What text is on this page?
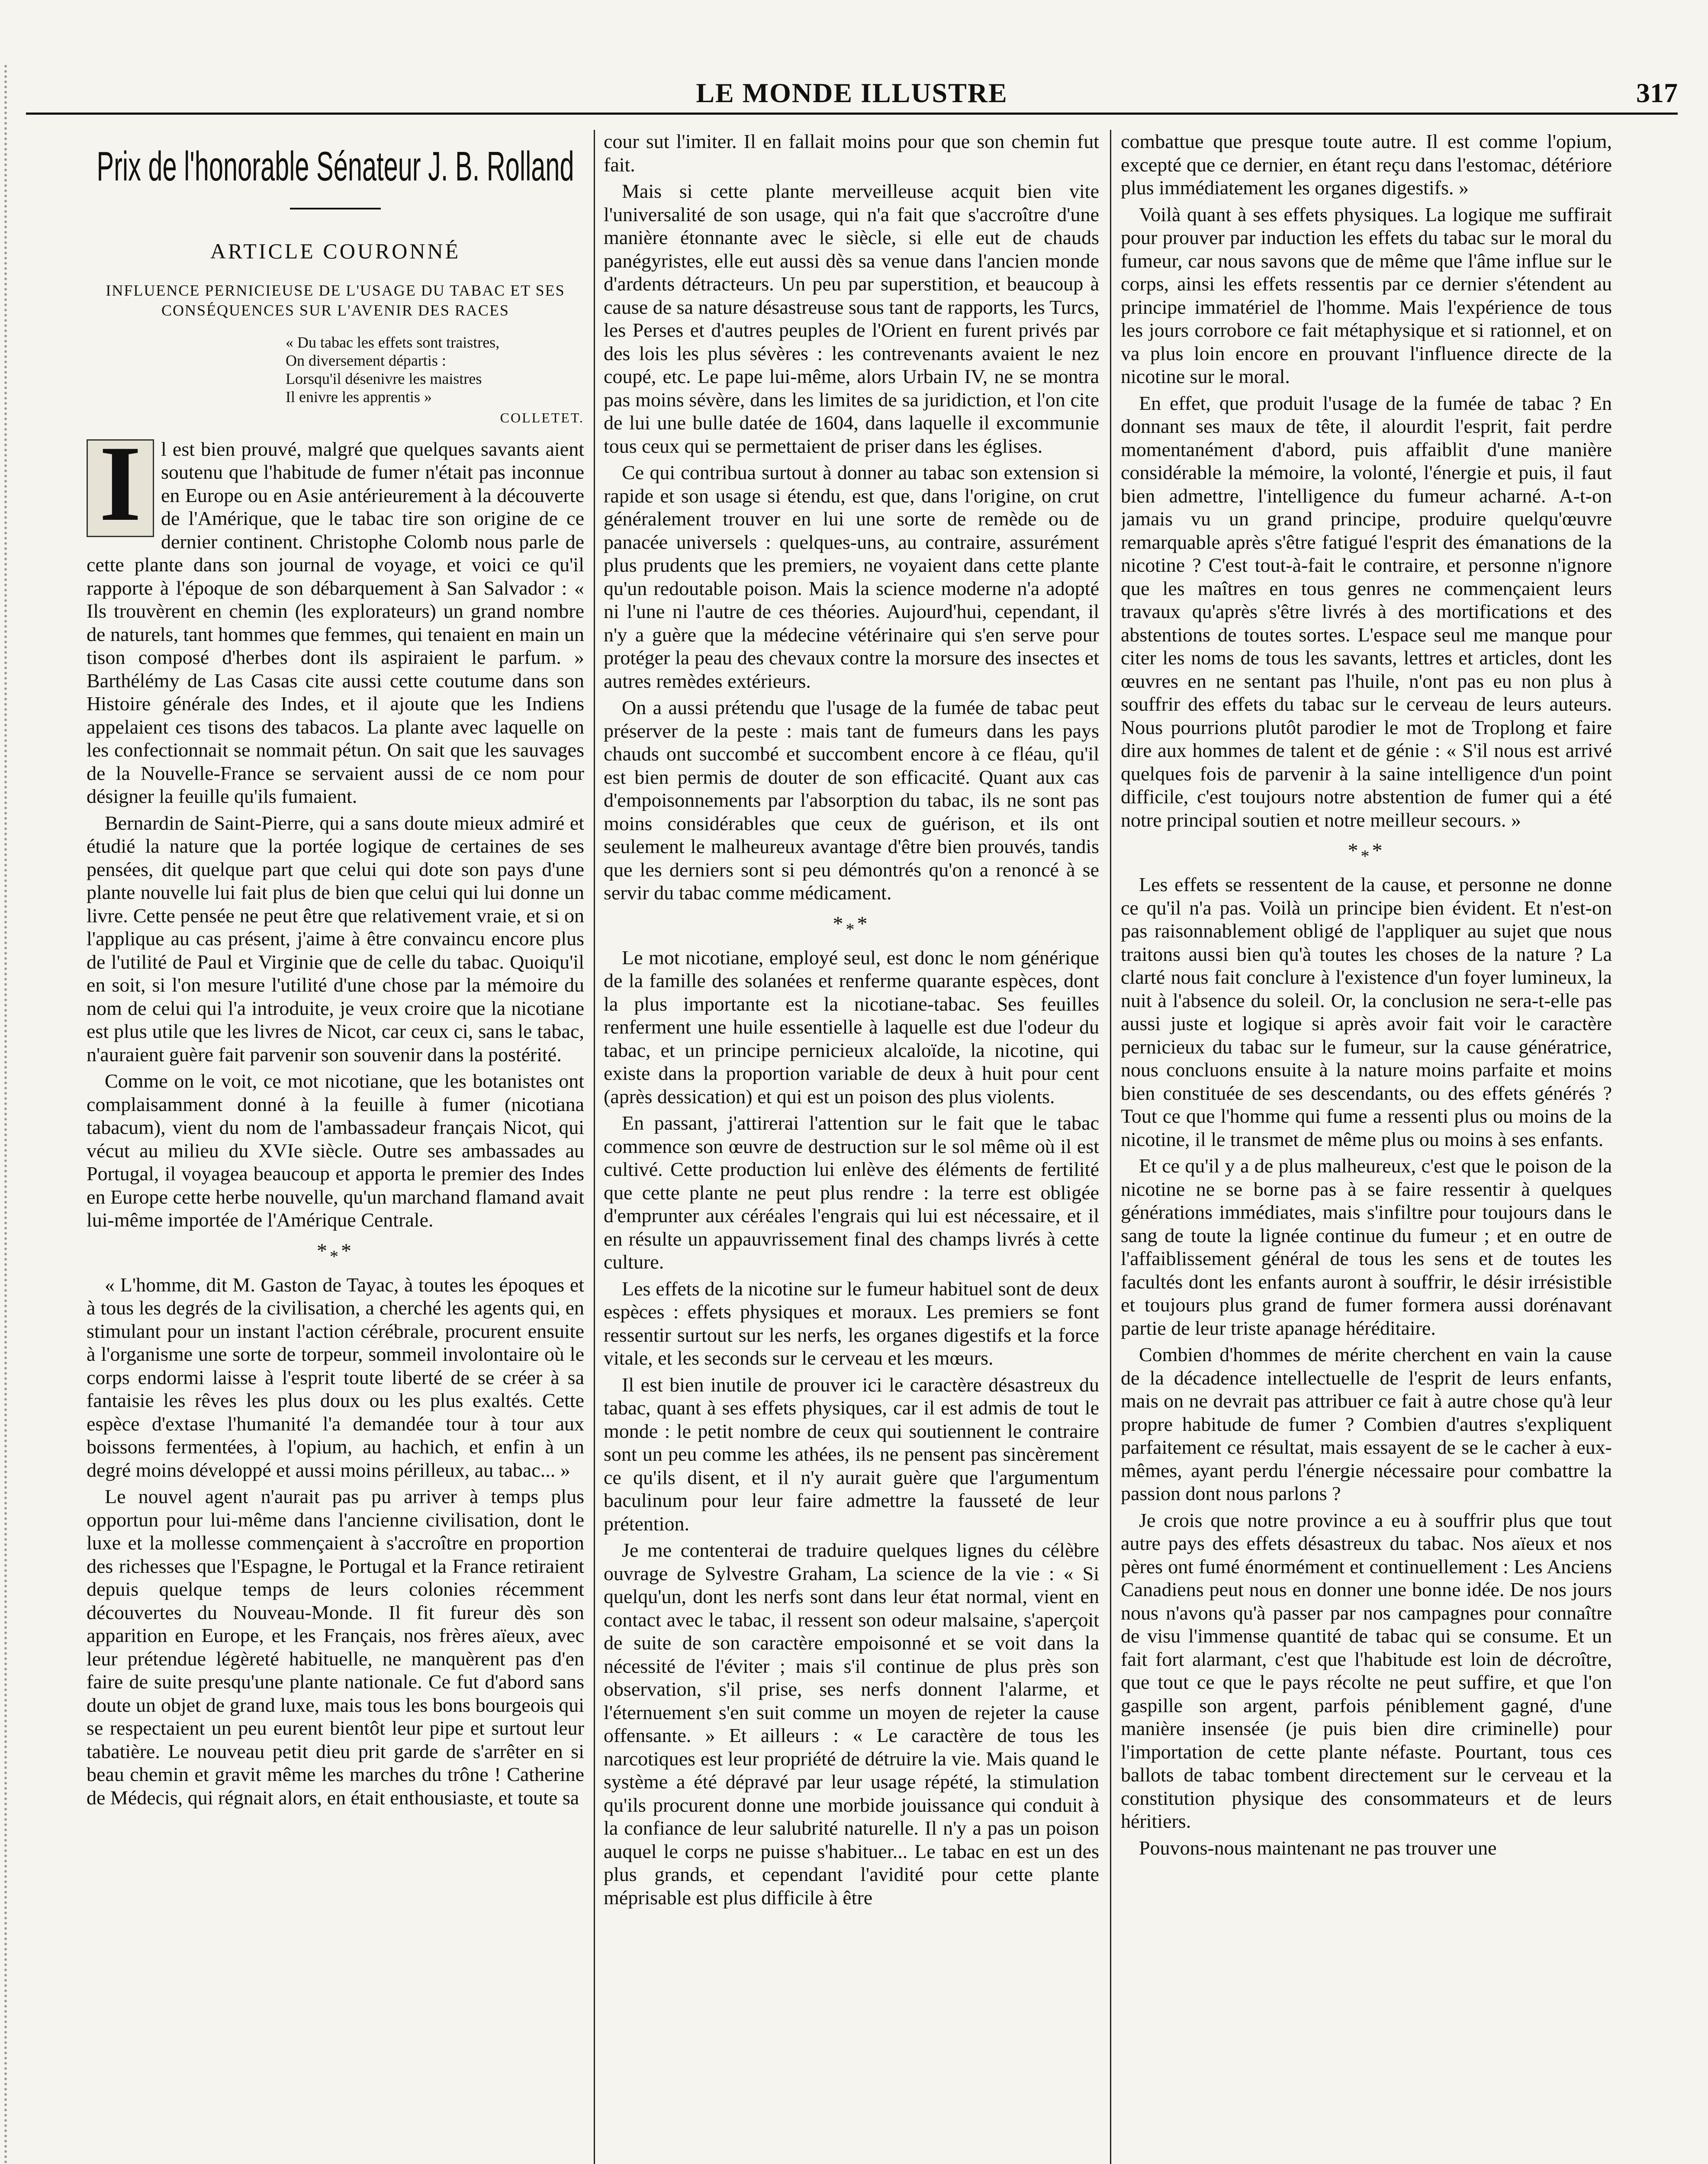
LE MONDE ILLUSTRE	317
Prix de l'honorable Sénateur J. B. Rolland
ARTICLE COURONNÉ
INFLUENCE PERNICIEUSE DE L'USAGE DU TABAC ET SES CONSÉQUENCES SUR L'AVENIR DES RACES
« Du tabac les effets sont traistres,
On diversement départis :
Lorsqu'il désenivre les maistres
Il enivre les apprentis »
COLLETET.

I l est bien prouvé, malgré que quelques savants aient soutenu que l'habitude de fumer n'était pas inconnue en Europe ou en Asie antérieurement à la découverte de l'Amérique, que le tabac tire son origine de ce dernier continent. Christophe Colomb nous parle de cette plante dans son journal de voyage, et voici ce qu'il rapporte à l'époque de son débarquement à San Salvador : « Ils trouvèrent en chemin (les explorateurs) un grand nombre de naturels, tant hommes que femmes, qui tenaient en main un tison composé d'herbes dont ils aspiraient le parfum. » Barthélémy de Las Casas cite aussi cette coutume dans son Histoire générale des Indes, et il ajoute que les Indiens appelaient ces tisons des tabacos. La plante avec laquelle on les confectionnait se nommait pétun. On sait que les sauvages de la Nouvelle-France se servaient aussi de ce nom pour désigner la feuille qu'ils fumaient.

Bernardin de Saint-Pierre, qui a sans doute mieux admiré et étudié la nature que la portée logique de certaines de ses pensées, dit quelque part que celui qui dote son pays d'une plante nouvelle lui fait plus de bien que celui qui lui donne un livre. Cette pensée ne peut être que relativement vraie, et si on l'applique au cas présent, j'aime à être convaincu encore plus de l'utilité de Paul et Virginie que de celle du tabac. Quoiqu'il en soit, si l'on mesure l'utilité d'une chose par la mémoire du nom de celui qui l'a introduite, je veux croire que la nicotiane est plus utile que les livres de Nicot, car ceux ci, sans le tabac, n'auraient guère fait parvenir son souvenir dans la postérité.

Comme on le voit, ce mot nicotiane, que les botanistes ont complaisamment donné à la feuille à fumer (nicotiana tabacum), vient du nom de l'ambassadeur français Nicot, qui vécut au milieu du XVIe siècle. Outre ses ambassades au Portugal, il voyagea beaucoup et apporta le premier des Indes en Europe cette herbe nouvelle, qu'un marchand flamand avait lui-même importée de l'Amérique Centrale.

$*_**$

« L'homme, dit M. Gaston de Tayac, à toutes les époques et à tous les degrés de la civilisation, a cherché les agents qui, en stimulant pour un instant l'action cérébrale, procurent ensuite à l'organisme une sorte de torpeur, sommeil involontaire où le corps endormi laisse à l'esprit toute liberté de se créer à sa fantaisie les rêves les plus doux ou les plus exaltés. Cette espèce d'extase l'humanité l'a demandée tour à tour aux boissons fermentées, à l'opium, au hachich, et enfin à un degré moins développé et aussi moins périlleux, au tabac... »

Le nouvel agent n'aurait pas pu arriver à temps plus opportun pour lui-même dans l'ancienne civilisation, dont le luxe et la mollesse commençaient à s'accroître en proportion des richesses que l'Espagne, le Portugal et la France retiraient depuis quelque temps de leurs colonies récemment découvertes du Nouveau-Monde. Il fit fureur dès son apparition en Europe, et les Français, nos frères aïeux, avec leur prétendue légèreté habituelle, ne manquèrent pas d'en faire de suite presqu'une plante nationale. Ce fut d'abord sans doute un objet de grand luxe, mais tous les bons bourgeois qui se respectaient un peu eurent bientôt leur pipe et surtout leur tabatière. Le nouveau petit dieu prit garde de s'arrêter en si beau chemin et gravit même les marches du trône ! Catherine de Médecis, qui régnait alors, en était enthousiaste, et toute sa

cour sut l'imiter. Il en fallait moins pour que son chemin fut fait.

Mais si cette plante merveilleuse acquit bien vite l'universalité de son usage, qui n'a fait que s'accroître d'une manière étonnante avec le siècle, si elle eut de chauds panégyristes, elle eut aussi dès sa venue dans l'ancien monde d'ardents détracteurs. Un peu par superstition, et beaucoup à cause de sa nature désastreuse sous tant de rapports, les Turcs, les Perses et d'autres peuples de l'Orient en furent privés par des lois les plus sévères : les contrevenants avaient le nez coupé, etc. Le pape lui-même, alors Urbain IV, ne se montra pas moins sévère, dans les limites de sa juridiction, et l'on cite de lui une bulle datée de 1604, dans laquelle il excommunie tous ceux qui se permettaient de priser dans les églises.

Ce qui contribua surtout à donner au tabac son extension si rapide et son usage si étendu, est que, dans l'origine, on crut généralement trouver en lui une sorte de remède ou de panacée universels : quelques-uns, au contraire, assurément plus prudents que les premiers, ne voyaient dans cette plante qu'un redoutable poison. Mais la science moderne n'a adopté ni l'une ni l'autre de ces théories. Aujourd'hui, cependant, il n'y a guère que la médecine vétérinaire qui s'en serve pour protéger la peau des chevaux contre la morsure des insectes et autres remèdes extérieurs.

On a aussi prétendu que l'usage de la fumée de tabac peut préserver de la peste : mais tant de fumeurs dans les pays chauds ont succombé et succombent encore à ce fléau, qu'il est bien permis de douter de son efficacité. Quant aux cas d'empoisonnements par l'absorption du tabac, ils ne sont pas moins considérables que ceux de guérison, et ils ont seulement le malheureux avantage d'être bien prouvés, tandis que les derniers sont si peu démontrés qu'on a renoncé à se servir du tabac comme médicament.

$*_**$

Le mot nicotiane, employé seul, est donc le nom générique de la famille des solanées et renferme quarante espèces, dont la plus importante est la nicotiane-tabac. Ses feuilles renferment une huile essentielle à laquelle est due l'odeur du tabac, et un principe pernicieux alcaloïde, la nicotine, qui existe dans la proportion variable de deux à huit pour cent (après dessication) et qui est un poison des plus violents.

En passant, j'attirerai l'attention sur le fait que le tabac commence son œuvre de destruction sur le sol même où il est cultivé. Cette production lui enlève des éléments de fertilité que cette plante ne peut plus rendre : la terre est obligée d'emprunter aux céréales l'engrais qui lui est nécessaire, et il en résulte un appauvrissement final des champs livrés à cette culture.

Les effets de la nicotine sur le fumeur habituel sont de deux espèces : effets physiques et moraux. Les premiers se font ressentir surtout sur les nerfs, les organes digestifs et la force vitale, et les seconds sur le cerveau et les mœurs.

Il est bien inutile de prouver ici le caractère désastreux du tabac, quant à ses effets physiques, car il est admis de tout le monde : le petit nombre de ceux qui soutiennent le contraire sont un peu comme les athées, ils ne pensent pas sincèrement ce qu'ils disent, et il n'y aurait guère que l'argumentum baculinum pour leur faire admettre la fausseté de leur prétention.

Je me contenterai de traduire quelques lignes du célèbre ouvrage de Sylvestre Graham, La science de la vie : « Si quelqu'un, dont les nerfs sont dans leur état normal, vient en contact avec le tabac, il ressent son odeur malsaine, s'aperçoit de suite de son caractère empoisonné et se voit dans la nécessité de l'éviter ; mais s'il continue de plus près son observation, s'il prise, ses nerfs donnent l'alarme, et l'éternuement s'en suit comme un moyen de rejeter la cause offensante. » Et ailleurs : « Le caractère de tous les narcotiques est leur propriété de détruire la vie. Mais quand le système a été dépravé par leur usage répété, la stimulation qu'ils procurent donne une morbide jouissance qui conduit à la confiance de leur salubrité naturelle. Il n'y a pas un poison auquel le corps ne puisse s'habituer... Le tabac en est un des plus grands, et cependant l'avidité pour cette plante méprisable est plus difficile à être

combattue que presque toute autre. Il est comme l'opium, excepté que ce dernier, en étant reçu dans l'estomac, détériore plus immédiatement les organes digestifs. »

Voilà quant à ses effets physiques. La logique me suffirait pour prouver par induction les effets du tabac sur le moral du fumeur, car nous savons que de même que l'âme influe sur le corps, ainsi les effets ressentis par ce dernier s'étendent au principe immatériel de l'homme. Mais l'expérience de tous les jours corrobore ce fait métaphysique et si rationnel, et on va plus loin encore en prouvant l'influence directe de la nicotine sur le moral.

En effet, que produit l'usage de la fumée de tabac ? En donnant ses maux de tête, il alourdit l'esprit, fait perdre momentanément d'abord, puis affaiblit d'une manière considérable la mémoire, la volonté, l'énergie et puis, il faut bien admettre, l'intelligence du fumeur acharné. A-t-on jamais vu un grand principe, produire quelqu'œuvre remarquable après s'être fatigué l'esprit des émanations de la nicotine ? C'est tout-à-fait le contraire, et personne n'ignore que les maîtres en tous genres ne commençaient leurs travaux qu'après s'être livrés à des mortifications et des abstentions de toutes sortes. L'espace seul me manque pour citer les noms de tous les savants, lettres et articles, dont les œuvres en ne sentant pas l'huile, n'ont pas eu non plus à souffrir des effets du tabac sur le cerveau de leurs auteurs. Nous pourrions plutôt parodier le mot de Troplong et faire dire aux hommes de talent et de génie : « S'il nous est arrivé quelques fois de parvenir à la saine intelligence d'un point difficile, c'est toujours notre abstention de fumer qui a été notre principal soutien et notre meilleur secours. »

$*_**$

Les effets se ressentent de la cause, et personne ne donne ce qu'il n'a pas. Voilà un principe bien évident. Et n'est-on pas raisonnablement obligé de l'appliquer au sujet que nous traitons aussi bien qu'à toutes les choses de la nature ? La clarté nous fait conclure à l'existence d'un foyer lumineux, la nuit à l'absence du soleil. Or, la conclusion ne sera-t-elle pas aussi juste et logique si après avoir fait voir le caractère pernicieux du tabac sur le fumeur, sur la cause génératrice, nous concluons ensuite à la nature moins parfaite et moins bien constituée de ses descendants, ou des effets générés ? Tout ce que l'homme qui fume a ressenti plus ou moins de la nicotine, il le transmet de même plus ou moins à ses enfants.

Et ce qu'il y a de plus malheureux, c'est que le poison de la nicotine ne se borne pas à se faire ressentir à quelques générations immédiates, mais s'infiltre pour toujours dans le sang de toute la lignée continue du fumeur ; et en outre de l'affaiblissement général de tous les sens et de toutes les facultés dont les enfants auront à souffrir, le désir irrésistible et toujours plus grand de fumer formera aussi dorénavant partie de leur triste apanage héréditaire.

Combien d'hommes de mérite cherchent en vain la cause de la décadence intellectuelle de l'esprit de leurs enfants, mais on ne devrait pas attribuer ce fait à autre chose qu'à leur propre habitude de fumer ? Combien d'autres s'expliquent parfaitement ce résultat, mais essayent de se le cacher à eux-mêmes, ayant perdu l'énergie nécessaire pour combattre la passion dont nous parlons ?

Je crois que notre province a eu à souffrir plus que tout autre pays des effets désastreux du tabac. Nos aïeux et nos pères ont fumé énormément et continuellement : Les Anciens Canadiens peut nous en donner une bonne idée. De nos jours nous n'avons qu'à passer par nos campagnes pour connaître de visu l'immense quantité de tabac qui se consume. Et un fait fort alarmant, c'est que l'habitude est loin de décroître, que tout ce que le pays récolte ne peut suffire, et que l'on gaspille son argent, parfois péniblement gagné, d'une manière insensée (je puis bien dire criminelle) pour l'importation de cette plante néfaste. Pourtant, tous ces ballots de tabac tombent directement sur le cerveau et la constitution physique des consommateurs et de leurs héritiers.

Pouvons-nous maintenant ne pas trouver une
